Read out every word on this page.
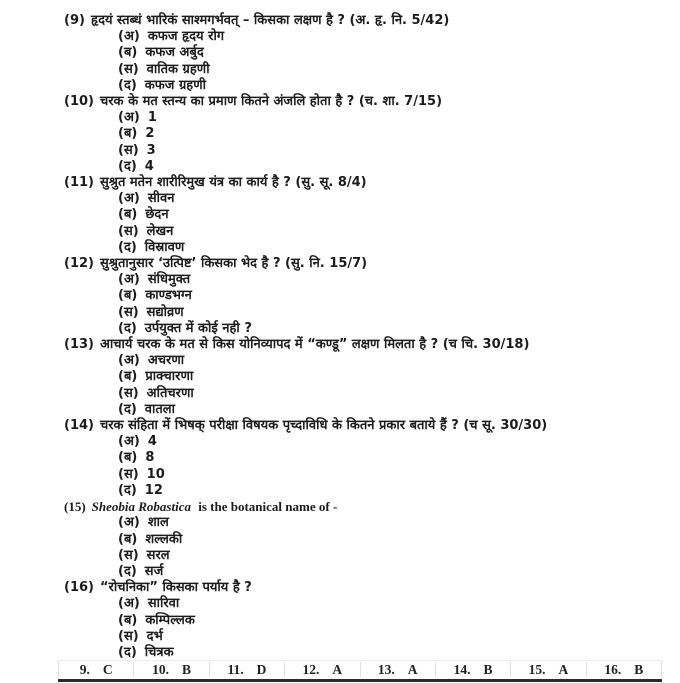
(9) हृदयं स्तब्धं भारिकं साश्मगर्भवत् – किसका लक्षण है ? (अ. हृ. नि. 5/42)
(अ) कफज हृदय रोग
(ब) कफज अर्बुद
(स) वातिक ग्रहणी
(द) कफज ग्रहणी
(10) चरक के मत स्तन्य का प्रमाण कितने अंजलि होता है ? (च. शा. 7/15)
(अ) 1
(ब) 2
(स) 3
(द) 4
(11) सुश्रुत मतेन शारीरिमुख यंत्र का कार्य है ? (सु. सू. 8/4)
(अ) सीवन
(ब) छेदन
(स) लेखन
(द) विस्रावण
(12) सुश्रुतानुसार ‘उत्पिष्ट’ किसका भेद है ? (सु. नि. 15/7)
(अ) संधिमुक्त
(ब) काण्डभग्न
(स) सद्योव्रण
(द) उर्पयुक्त में कोई नही ?
(13) आचार्य चरक के मत से किस योनिव्यापद में “कण्डू” लक्षण मिलता है ? (च चि. 30/18)
(अ) अचरणा
(ब) प्राक्चारणा
(स) अतिचरणा
(द) वातला
(14) चरक संहिता में भिषक् परीक्षा विषयक पृच्दाविधि के कितने प्रकार बताये हैं ? (च सू. 30/30)
(अ) 4
(ब) 8
(स) 10
(द) 12
(15) Sheobia Robastica is the botanical name of -
(अ) शाल
(ब) शल्लकी
(स) सरल
(द) सर्ज
(16) “रोचनिका” किसका पर्याय है ?
(अ) सारिवा
(ब) कम्पिल्लक
(स) दर्भ
(द) चित्रक
9. C	10. B	11. D	12. A	13. A	14. B	15. A	16. B
